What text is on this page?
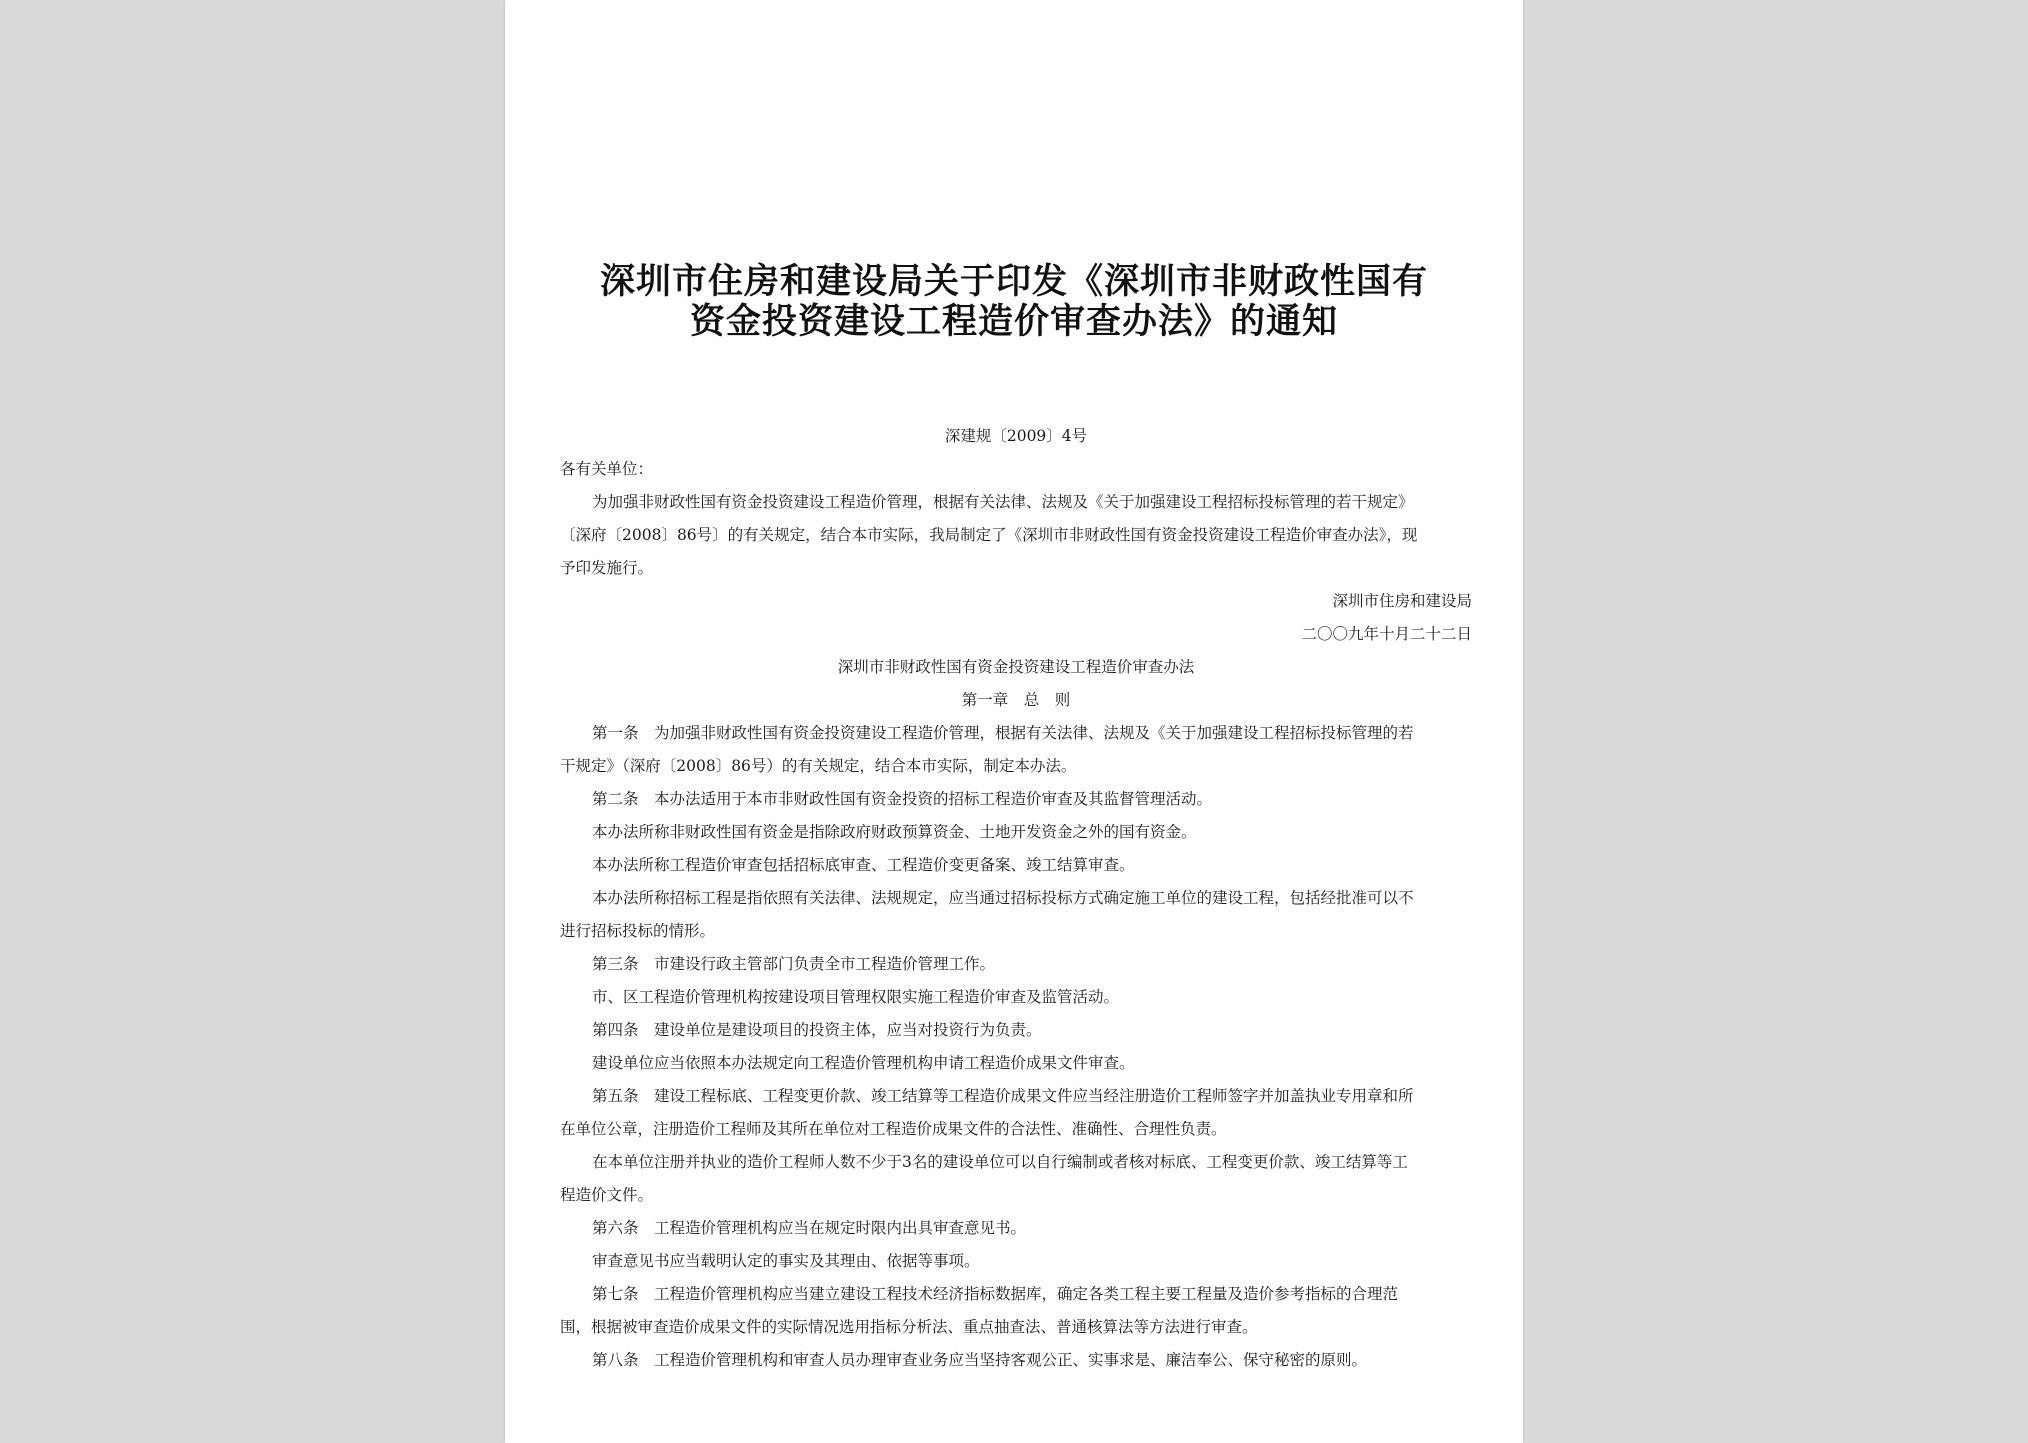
深圳市住房和建设局关于印发《深圳市非财政性国有
资金投资建设工程造价审查办法》的通知
深建规〔2009〕4号
各有关单位：
为加强非财政性国有资金投资建设工程造价管理，根据有关法律、法规及《关于加强建设工程招标投标管理的若干规定》
〔深府〔2008〕86号〕的有关规定，结合本市实际，我局制定了《深圳市非财政性国有资金投资建设工程造价审查办法》，现
予印发施行。
深圳市住房和建设局
二〇〇九年十月二十二日
深圳市非财政性国有资金投资建设工程造价审查办法
第一章　总　则
第一条　为加强非财政性国有资金投资建设工程造价管理，根据有关法律、法规及《关于加强建设工程招标投标管理的若
干规定》（深府〔2008〕86号）的有关规定，结合本市实际，制定本办法。
第二条　本办法适用于本市非财政性国有资金投资的招标工程造价审查及其监督管理活动。
本办法所称非财政性国有资金是指除政府财政预算资金、土地开发资金之外的国有资金。
本办法所称工程造价审查包括招标底审查、工程造价变更备案、竣工结算审查。
本办法所称招标工程是指依照有关法律、法规规定，应当通过招标投标方式确定施工单位的建设工程，包括经批准可以不
进行招标投标的情形。
第三条　市建设行政主管部门负责全市工程造价管理工作。
市、区工程造价管理机构按建设项目管理权限实施工程造价审查及监管活动。
第四条　建设单位是建设项目的投资主体，应当对投资行为负责。
建设单位应当依照本办法规定向工程造价管理机构申请工程造价成果文件审查。
第五条　建设工程标底、工程变更价款、竣工结算等工程造价成果文件应当经注册造价工程师签字并加盖执业专用章和所
在单位公章，注册造价工程师及其所在单位对工程造价成果文件的合法性、准确性、合理性负责。
在本单位注册并执业的造价工程师人数不少于3名的建设单位可以自行编制或者核对标底、工程变更价款、竣工结算等工
程造价文件。
第六条　工程造价管理机构应当在规定时限内出具审查意见书。
审查意见书应当载明认定的事实及其理由、依据等事项。
第七条　工程造价管理机构应当建立建设工程技术经济指标数据库，确定各类工程主要工程量及造价参考指标的合理范
围，根据被审查造价成果文件的实际情况选用指标分析法、重点抽查法、普通核算法等方法进行审查。
第八条　工程造价管理机构和审查人员办理审查业务应当坚持客观公正、实事求是、廉洁奉公、保守秘密的原则。
